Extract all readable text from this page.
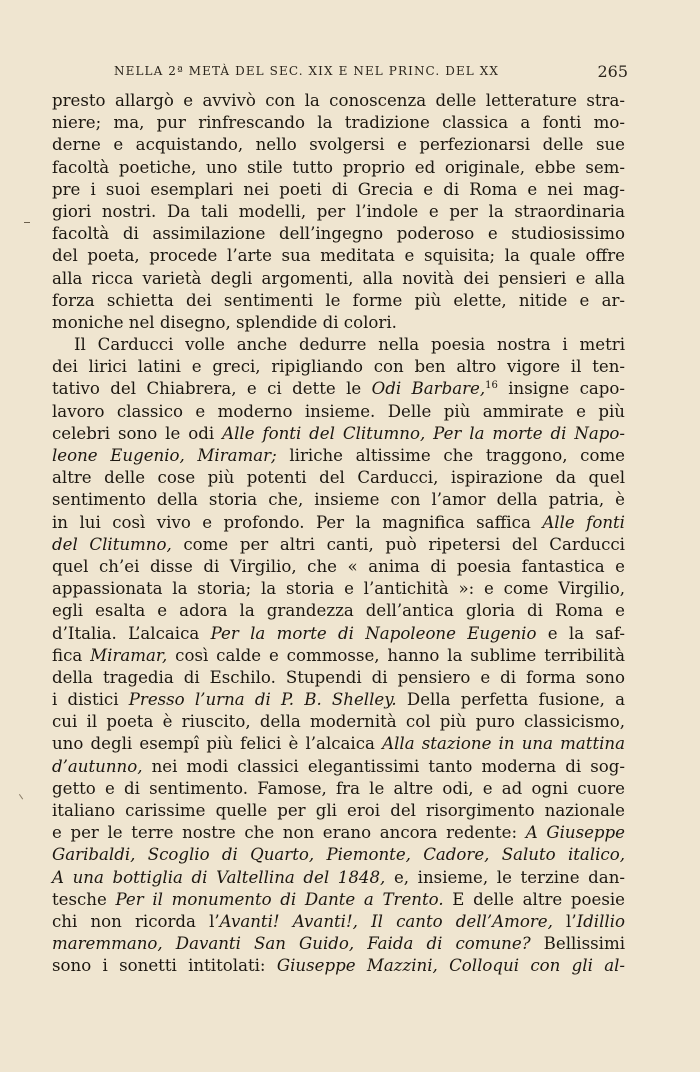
NELLA 2ª METÀ DEL SEC. XIX E NEL PRINC. DEL XX	265

presto allargò e avvivò con la conoscenza delle letterature stra-
niere; ma, pur rinfrescando la tradizione classica a fonti mo-
derne e acquistando, nello svolgersi e perfezionarsi delle sue
facoltà poetiche, uno stile tutto proprio ed originale, ebbe sem-
pre i suoi esemplari nei poeti di Grecia e di Roma e nei mag-
giori nostri. Da tali modelli, per l’indole e per la straordinaria
facoltà di assimilazione dell’ingegno poderoso e studiosissimo
del poeta, procede l’arte sua meditata e squisita; la quale offre
alla ricca varietà degli argomenti, alla novità dei pensieri e alla
forza schietta dei sentimenti le forme più elette, nitide e ar-
moniche nel disegno, splendide di colori.

Il Carducci volle anche dedurre nella poesia nostra i metri
dei lirici latini e greci, ripigliando con ben altro vigore il ten-
tativo del Chiabrera, e ci dette le Odi Barbare,$^{16}$ insigne capo-
lavoro classico e moderno insieme. Delle più ammirate e più
celebri sono le odi Alle fonti del Clitumno, Per la morte di Napo-
leone Eugenio, Miramar; liriche altissime che traggono, come
altre delle cose più potenti del Carducci, ispirazione da quel
sentimento della storia che, insieme con l’amor della patria, è
in lui così vivo e profondo. Per la magnifica saffica Alle fonti
del Clitumno, come per altri canti, può ripetersi del Carducci
quel ch’ei disse di Virgilio, che « anima di poesia fantastica e
appassionata la storia; la storia e l’antichità »: e come Virgilio,
egli esalta e adora la grandezza dell’antica gloria di Roma e
d’Italia. L’alcaica Per la morte di Napoleone Eugenio e la saf-
fica Miramar, così calde e commosse, hanno la sublime terribilità
della tragedia di Eschilo. Stupendi di pensiero e di forma sono
i distici Presso l’urna di P. B. Shelley. Della perfetta fusione, a
cui il poeta è riuscito, della modernità col più puro classicismo,
uno degli esempî più felici è l’alcaica Alla stazione in una mattina
d’autunno, nei modi classici elegantissimi tanto moderna di sog-
getto e di sentimento. Famose, fra le altre odi, e ad ogni cuore
italiano carissime quelle per gli eroi del risorgimento nazionale
e per le terre nostre che non erano ancora redente: A Giuseppe
Garibaldi, Scoglio di Quarto, Piemonte, Cadore, Saluto italico,
A una bottiglia di Valtellina del 1848, e, insieme, le terzine dan-
tesche Per il monumento di Dante a Trento. E delle altre poesie
chi non ricorda l’Avanti! Avanti!, Il canto dell’Amore, l’Idillio
maremmano, Davanti San Guido, Faida di comune? Bellissimi
sono i sonetti intitolati: Giuseppe Mazzini, Colloqui con gli al-
